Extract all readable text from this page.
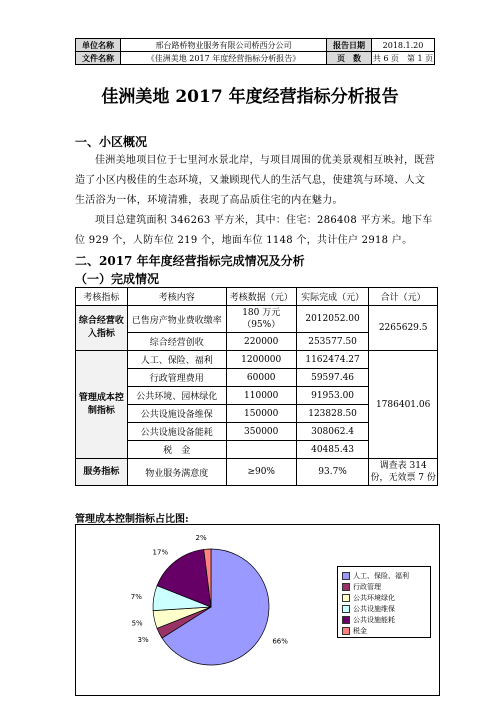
单位名称	邢台路桥物业服务有限公司桥西分公司	报告日期	2018.1.20
文件名称	《佳洲美地 2017 年度经营指标分析报告》	页　数	共 6 页　第 1 页
佳洲美地 2017 年度经营指标分析报告
一、小区概况

佳洲美地项目位于七里河水景北岸，与项目周围的优美景观相互映衬，既营造了小区内极佳的生态环境，又兼顾现代人的生活气息，使建筑与环境、人文生活浴为一体，环境清雅，表现了高品质住宅的内在魅力。

项目总建筑面积 346263 平方米，其中：住宅：286408 平方米。地下车位 929 个，人防车位 219 个，地面车位 1148 个，共计住户 2918 户。

二、2017 年年度经营指标完成情况及分析
（一）完成情况
考核指标	考核内容	考核数据（元）	实际完成（元）	合计（元）
综合经营收入指标	已售房产物业费收缴率	180 万元（95%）	2012052.00	2265629.5
	综合经营创收	220000	253577.50	
管理成本控制指标	人工、保险、福利	1200000	1162474.27	1786401.06
	行政管理费用	60000	59597.46	
	公共环境、园林绿化	110000	91953.00	
	公共设施设备维保	150000	123828.50	
	公共设施设备能耗	350000	308062.4	
	税　金		40485.43	
服务指标	物业服务满意度	≥90%	93.7%	调查表 314 份，无效票 7 份
管理成本控制指标占比图:
66%
3%
5%
7%
17%
2%
人工、保险、福利
行政管理
公共环境绿化
公共设施维保
公共设施能耗
税金
